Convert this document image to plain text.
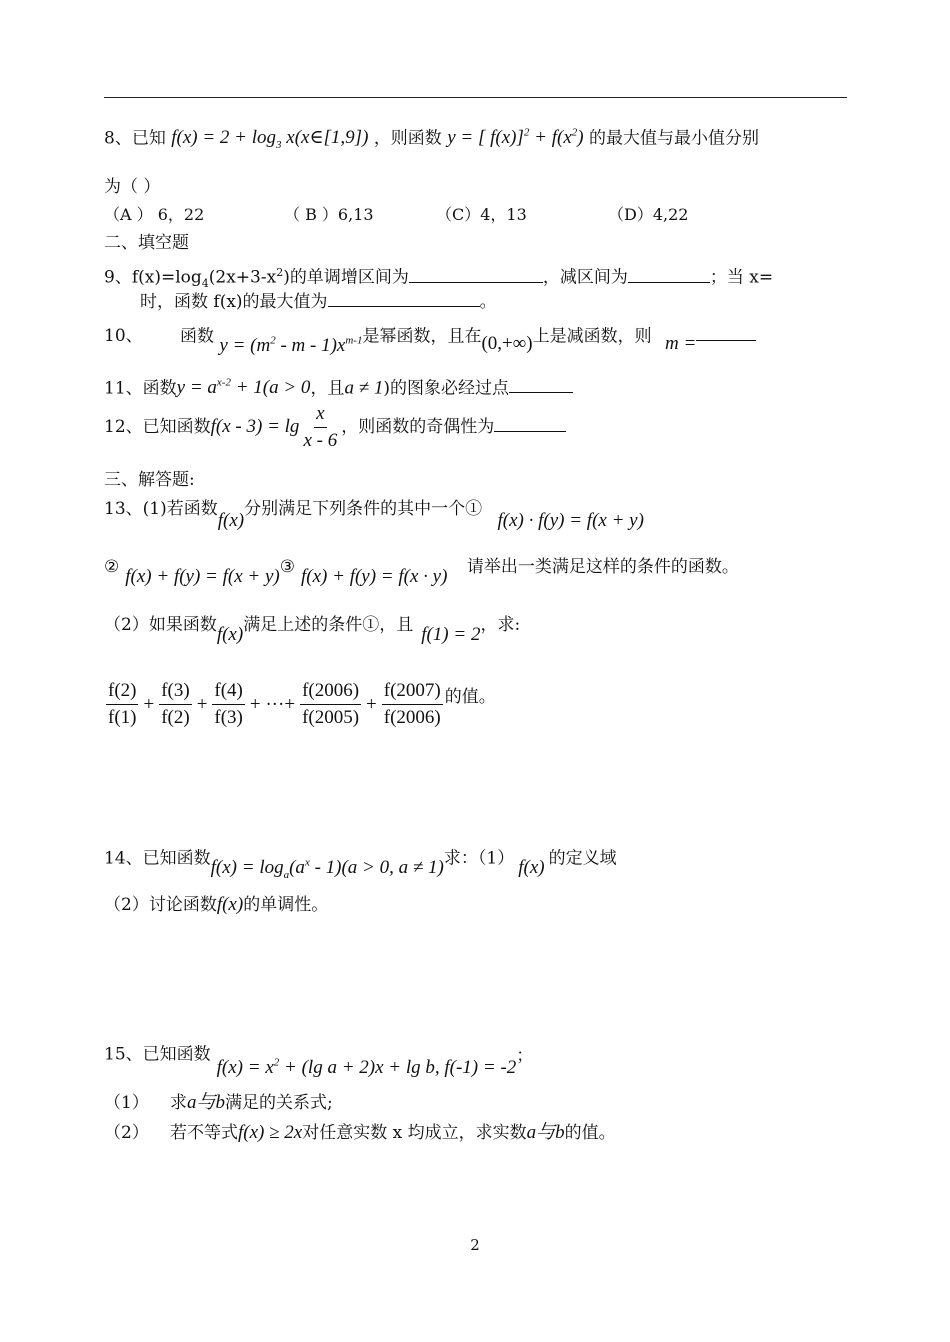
8、已知 $f(x) = 2 + \log_3$ x(x∈[1,9]) ，则函数 y = [ $f(x)]^2 + f(x^2)$ 的最大值与最小值分别
为（ ）
（A ） 6，22	（ B ）6,13	（C）4，13	（D）4,22
二、填空题
9、$f(x)=\log_4(2x+3-x^2)$的单调增区间为	，减区间为	；当 x=
时，函数 f(x)的最大值为	。
10、 函数 $y = (m^2 - m - 1)x^{m-1}$是幂函数，且在(0,+∞)上是减函数，则 m =
11、函数$y = a^{x-2} + 1(a > 0$，且a ≠ 1)的图象必经过点
12、已知函数$f(x - 3) = \lg \frac{x}{x - 6}$ ，则函数的奇偶性为
三、解答题:
13、(1)若函数f(x)分别满足下列条件的其中一个① f(x) · f(y) = f(x + y)
② f(x) + f(y) = f(x + y)③ f(x) + f(y) = f(x · y) 请举出一类满足这样的条件的函数。
（2）如果函数f(x)满足上述的条件①，且 f(1) = 2，求:
$\frac{f(2)}{f(1)} + \frac{f(3)}{f(2)} + \frac{f(4)}{f(3)}$ + ···+ $\frac{f(2006)}{f(2005)} + \frac{f(2007)}{f(2006)}$ 的值。
14、已知函数$f(x) = \log_a(a^x - 1)(a > 0$, a ≠ 1)求：（1） f(x) 的定义域
（2）讨论函数f(x)的单调性。
15、已知函数$f(x) = x^2 + (\lg$ a + 2)x + lg b, f(-1) = -2；
（1） 求a与b满足的关系式;
（2） 若不等式f(x) ≥ 2x对任意实数 x 均成立，求实数a与b的值。
2
